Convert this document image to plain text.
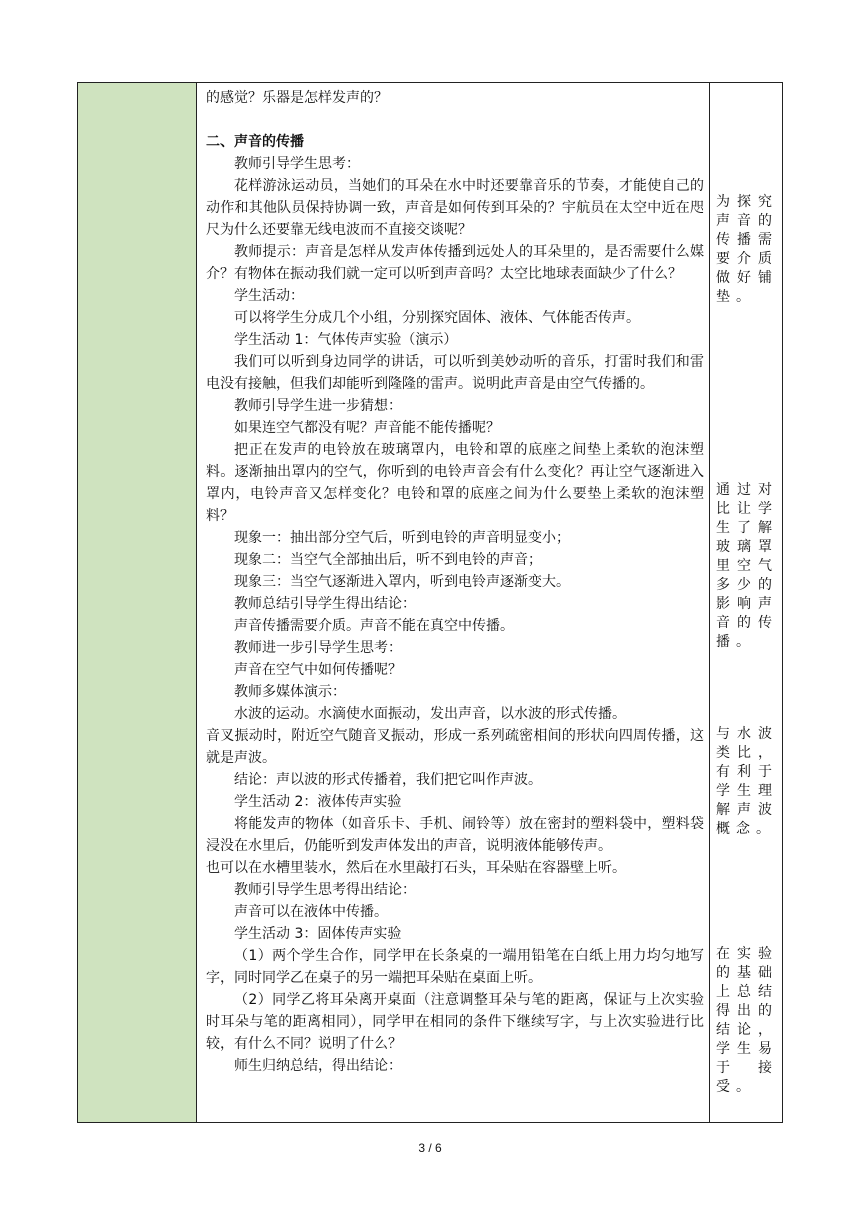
的感觉？乐器是怎样发声的？

二、声音的传播

教师引导学生思考：

花样游泳运动员，当她们的耳朵在水中时还要靠音乐的节奏，才能使自己的动作和其他队员保持协调一致，声音是如何传到耳朵的？宇航员在太空中近在咫尺为什么还要靠无线电波而不直接交谈呢？

教师提示：声音是怎样从发声体传播到远处人的耳朵里的，是否需要什么媒介？有物体在振动我们就一定可以听到声音吗？太空比地球表面缺少了什么？

学生活动：

可以将学生分成几个小组，分别探究固体、液体、气体能否传声。

学生活动 1：气体传声实验（演示）

我们可以听到身边同学的讲话，可以听到美妙动听的音乐，打雷时我们和雷电没有接触，但我们却能听到隆隆的雷声。说明此声音是由空气传播的。

教师引导学生进一步猜想：

如果连空气都没有呢？声音能不能传播呢？

把正在发声的电铃放在玻璃罩内，电铃和罩的底座之间垫上柔软的泡沫塑料。逐渐抽出罩内的空气，你听到的电铃声音会有什么变化？再让空气逐渐进入罩内，电铃声音又怎样变化？电铃和罩的底座之间为什么要垫上柔软的泡沫塑料？

现象一：抽出部分空气后，听到电铃的声音明显变小；

现象二：当空气全部抽出后，听不到电铃的声音；

现象三：当空气逐渐进入罩内，听到电铃声逐渐变大。

教师总结引导学生得出结论：

声音传播需要介质。声音不能在真空中传播。

教师进一步引导学生思考：

声音在空气中如何传播呢？

教师多媒体演示：

水波的运动。水滴使水面振动，发出声音，以水波的形式传播。

音叉振动时，附近空气随音叉振动，形成一系列疏密相间的形状向四周传播，这就是声波。

结论：声以波的形式传播着，我们把它叫作声波。

学生活动 2：液体传声实验

将能发声的物体（如音乐卡、手机、闹铃等）放在密封的塑料袋中，塑料袋浸没在水里后，仍能听到发声体发出的声音，说明液体能够传声。

也可以在水槽里装水，然后在水里敲打石头，耳朵贴在容器壁上听。

教师引导学生思考得出结论：

声音可以在液体中传播。

学生活动 3：固体传声实验

（1）两个学生合作，同学甲在长条桌的一端用铅笔在白纸上用力均匀地写字，同时同学乙在桌子的另一端把耳朵贴在桌面上听。

（2）同学乙将耳朵离开桌面（注意调整耳朵与笔的距离，保证与上次实验时耳朵与笔的距离相同），同学甲在相同的条件下继续写字，与上次实验进行比较，有什么不同？说明了什么？

师生归纳总结，得出结论：

为探究声音的传播需要介质做好铺垫。
通过对比让学生了解玻璃罩里空气多少的影响声音的传播。
与水波类比，有利于学生理解声波概念。
在实验的基础上总结得出的结论，学生易于接受。
3 / 6
